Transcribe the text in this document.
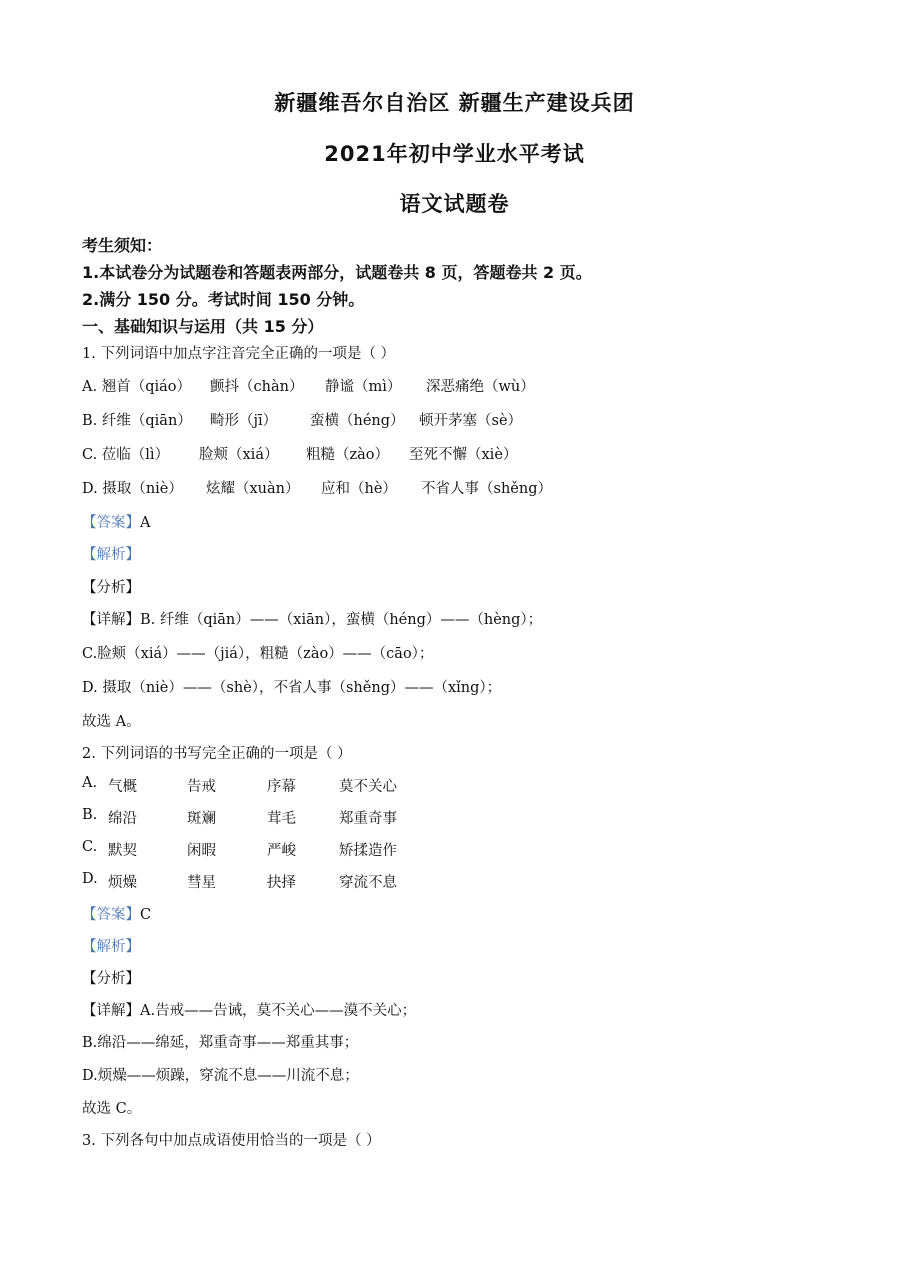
新疆维吾尔自治区 新疆生产建设兵团
2021年初中学业水平考试
语文试题卷
考生须知：
1.本试卷分为试题卷和答题表两部分，试题卷共 8 页，答题卷共 2 页。
2.满分 150 分。考试时间 150 分钟。
一、基础知识与运用（共 15 分）
1. 下列词语中加点字注音完全正确的一项是（ ）
A. 翘首（qiáo） 颤抖（chàn） 静谧（mì） 深恶痛绝（wù）
B. 纤维（qiān） 畸形（jī） 蛮横（héng） 顿开茅塞（sè）
C. 莅临（lì） 脸颊（xiá） 粗糙（zào） 至死不懈（xiè）
D. 摄取（niè） 炫耀（xuàn） 应和（hè） 不省人事（shěng）
【答案】A
【解析】
【分析】
【详解】B. 纤维（qiān）——（xiān），蛮横（héng）——（hèng）；
C.脸颊（xiá）——（jiá），粗糙（zào）——（cāo）；
D. 摄取（niè）——（shè），不省人事（shěng）——（xǐng）；
故选 A。
2. 下列词语的书写完全正确的一项是（ ）
A. 气概	告戒	序幕	莫不关心
B. 绵沿	斑斓	茸毛	郑重奇事
C. 默契	闲暇	严峻	矫揉造作
D. 烦燥	彗星	抉择	穿流不息
【答案】C
【解析】
【分析】
【详解】A.告戒——告诫，莫不关心——漠不关心；
B.绵沿——绵延，郑重奇事——郑重其事；
D.烦燥——烦躁，穿流不息——川流不息；
故选 C。
3. 下列各句中加点成语使用恰当的一项是（ ）
